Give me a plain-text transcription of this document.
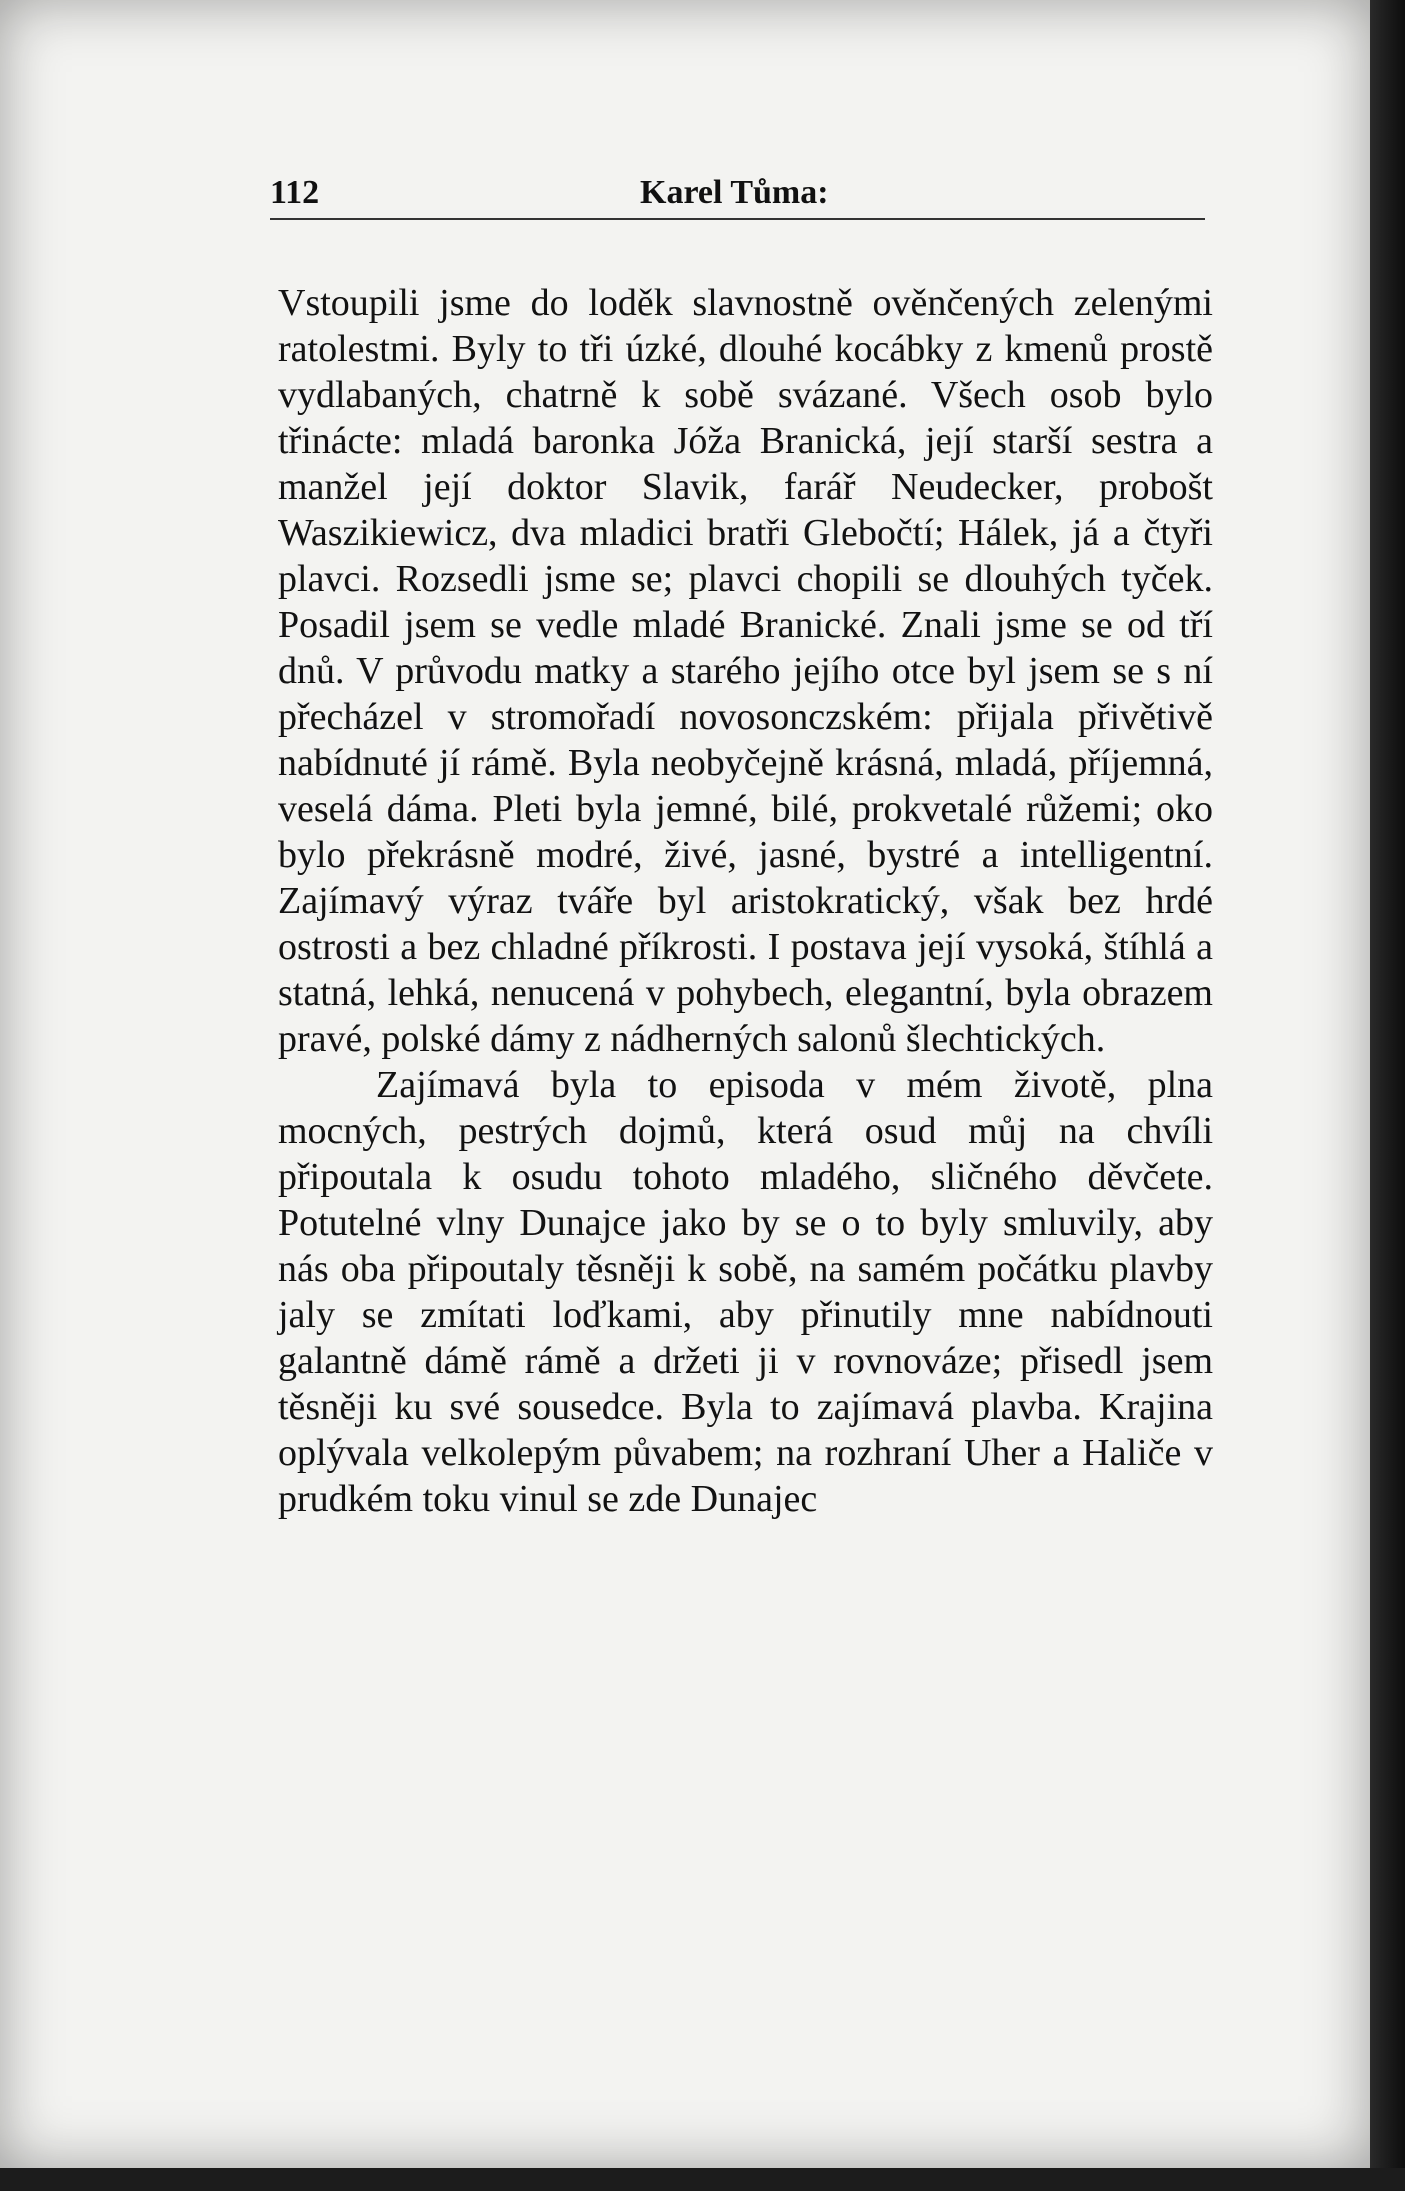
112	Karel Tůma:

Vstoupili jsme do loděk slavnostně ověnčených zelenými ratolestmi. Byly to tři úzké, dlouhé kocábky z kmenů prostě vydlabaných, chatrně k sobě svázané. Všech osob bylo třinácte: mladá baronka Jóža Branická, její starší sestra a manžel její doktor Slavik, farář Neudecker, probošt Waszikiewicz, dva mladici bratři Glebočtí; Hálek, já a čtyři plavci. Rozsedli jsme se; plavci chopili se dlouhých tyček. Posadil jsem se vedle mladé Branické. Znali jsme se od tří dnů. V průvodu matky a starého jejího otce byl jsem se s ní přecházel v stromořadí novosonczském: přijala přivětivě nabídnuté jí rámě. Byla neobyčejně krásná, mladá, příjemná, veselá dáma. Pleti byla jemné, bilé, prokvetalé růžemi; oko bylo překrásně modré, živé, jasné, bystré a intelligentní. Zajímavý výraz tváře byl aristokratický, však bez hrdé ostrosti a bez chladné příkrosti. I postava její vysoká, štíhlá a statná, lehká, nenucená v pohybech, elegantní, byla obrazem pravé, polské dámy z nádherných salonů šlechtických.

Zajímavá byla to episoda v mém životě, plna mocných, pestrých dojmů, která osud můj na chvíli připoutala k osudu tohoto mladého, sličného děvčete. Potutelné vlny Dunajce jako by se o to byly smluvily, aby nás oba připoutaly těsněji k sobě, na samém počátku plavby jaly se zmítati loďkami, aby přinutily mne nabídnouti galantně dámě rámě a držeti ji v rovnováze; přisedl jsem těsněji ku své sousedce. Byla to zajímavá plavba. Krajina oplývala velkolepým půvabem; na rozhraní Uher a Haliče v prudkém toku vinul se zde Dunajec
